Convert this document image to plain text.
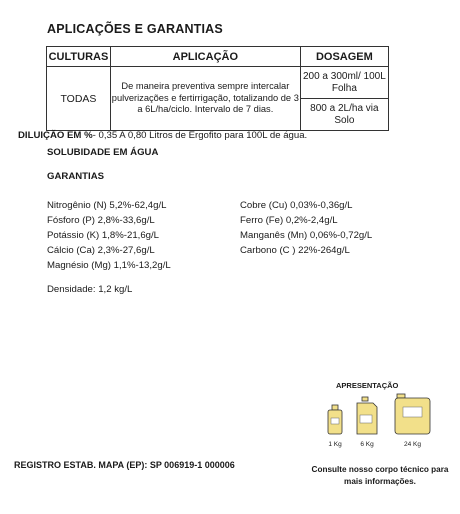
APLICAÇÕES E GARANTIAS
CULTURAS	APLICAÇÃO	DOSAGEM
TODAS	De maneira preventiva sempre intercalar pulverizações e fertirrigação, totalizando de 3 a 6L/ha/ciclo. Intervalo de 7 dias.	200 a 300ml/ 100L Folha
		800 a 2L/ha via Solo
DILUIÇÃO EM %- 0,35 A 0,80 Litros de Ergofito para 100L de água.
SOLUBIDADE EM ÁGUA
GARANTIAS
Nitrogênio (N) 5,2%-62,4g/L
Fósforo (P) 2,8%-33,6g/L
Potássio (K) 1,8%-21,6g/L
Cálcio (Ca) 2,3%-27,6g/L
Magnésio (Mg) 1,1%-13,2g/L
Cobre (Cu) 0,03%-0,36g/L
Ferro (Fe) 0,2%-2,4g/L
Manganês (Mn) 0,06%-0,72g/L
Carbono (C ) 22%-264g/L
Densidade: 1,2 kg/L
APRESENTAÇÃO
1 Kg	6 Kg	24 Kg
REGISTRO ESTAB. MAPA (EP): SP 006919-1 000006	Consulte nosso corpo técnico para mais informações.
